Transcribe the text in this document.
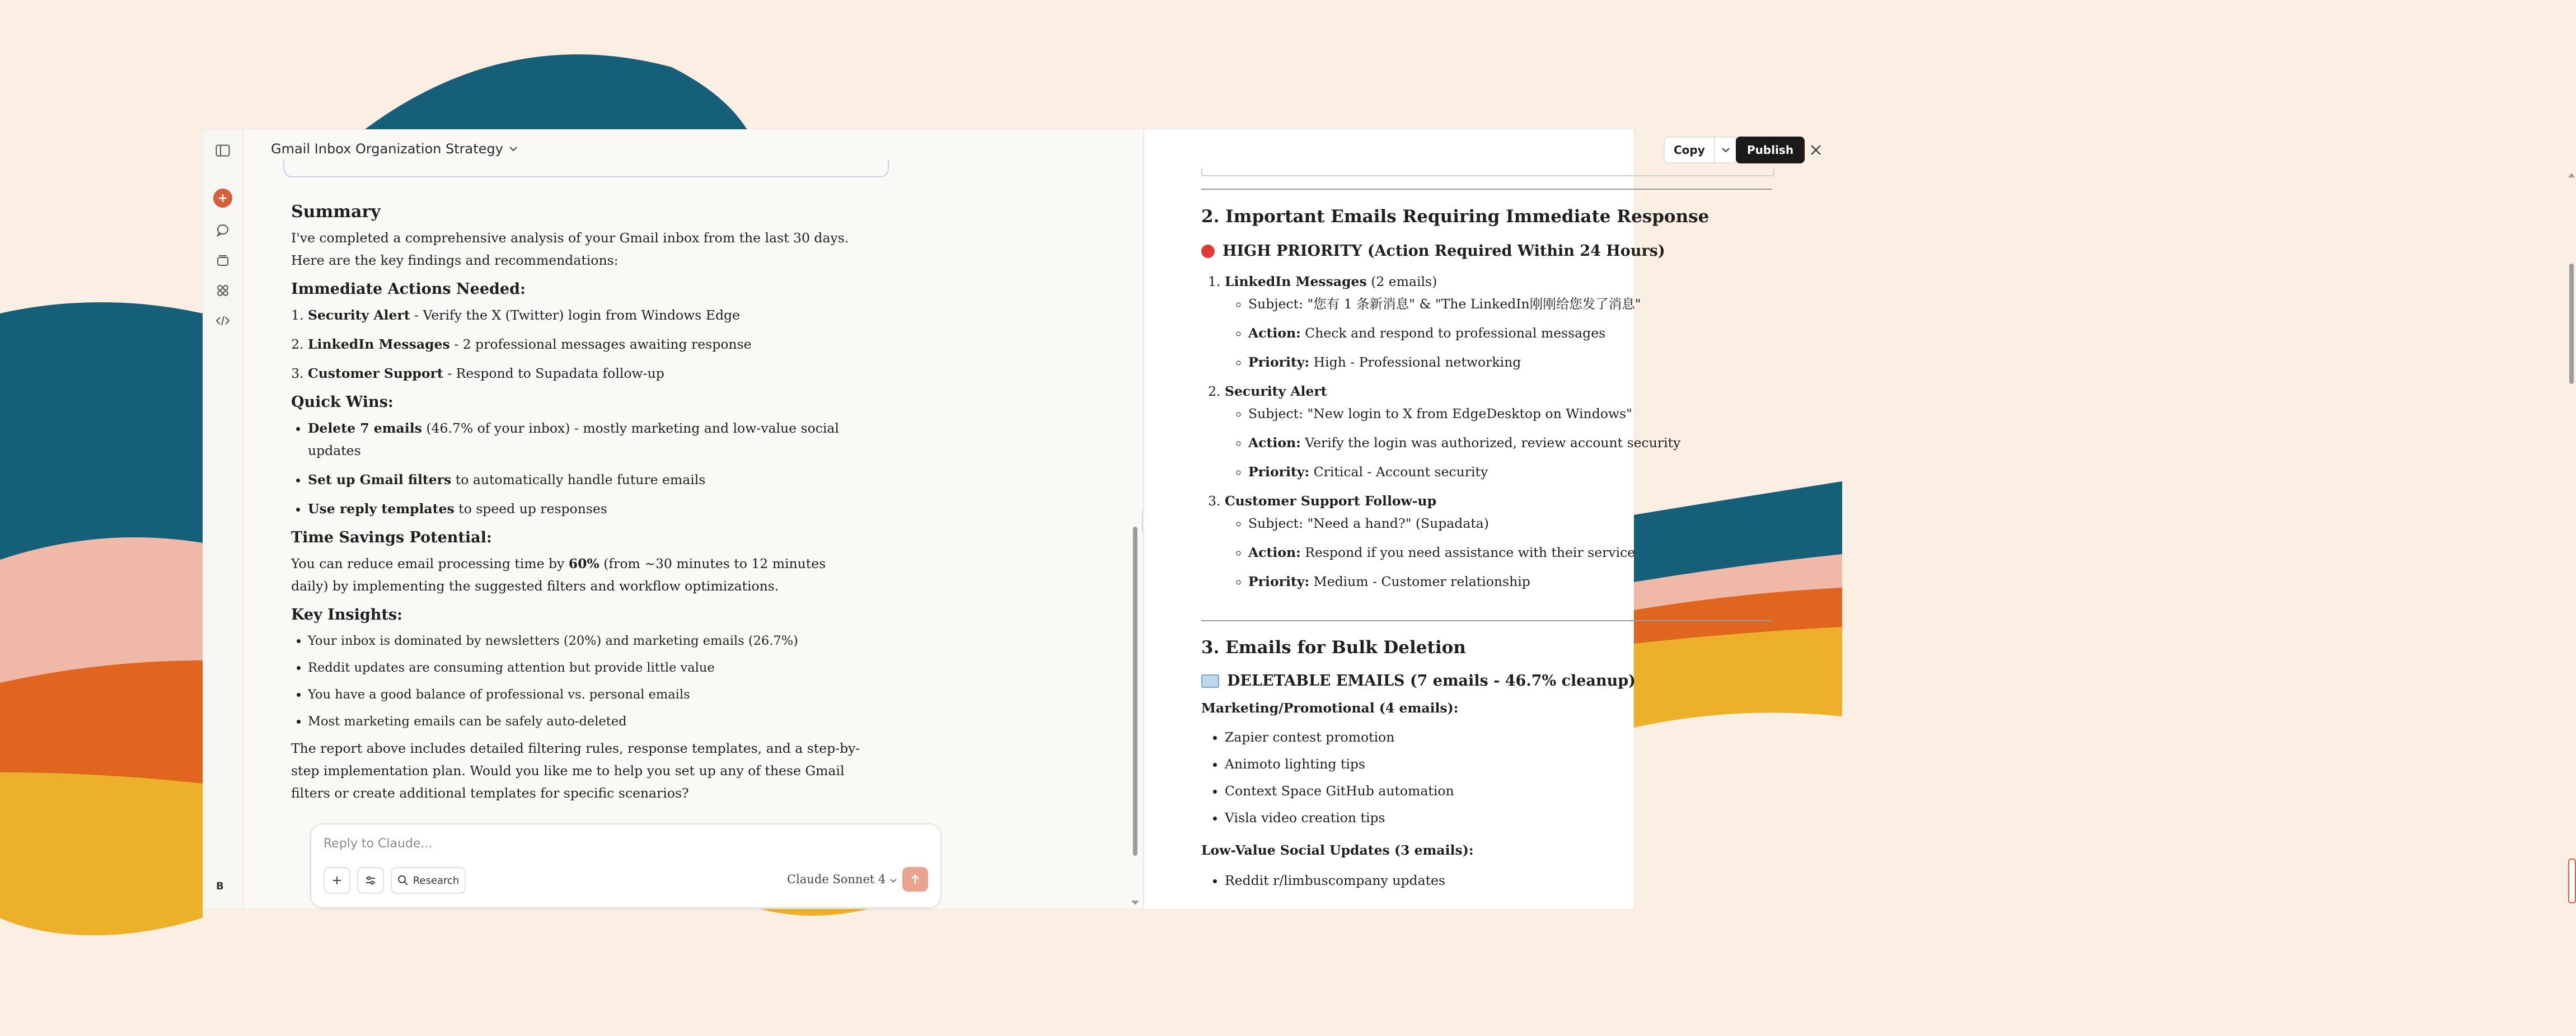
B
Gmail Inbox Organization Strategy
Summary

I've completed a comprehensive analysis of your Gmail inbox from the last 30 days. Here are the key findings and recommendations:

Immediate Actions Needed:
1. Security Alert - Verify the X (Twitter) login from Windows Edge
2. LinkedIn Messages - 2 professional messages awaiting response
3. Customer Support - Respond to Supadata follow-up
Quick Wins:
• Delete 7 emails (46.7% of your inbox) - mostly marketing and low-value social updates
• Set up Gmail filters to automatically handle future emails
• Use reply templates to speed up responses
Time Savings Potential:

You can reduce email processing time by 60% (from ~30 minutes to 12 minutes daily) by implementing the suggested filters and workflow optimizations.

Key Insights:
• Your inbox is dominated by newsletters (20%) and marketing emails (26.7%)
• Reddit updates are consuming attention but provide little value
• You have a good balance of professional vs. personal emails
• Most marketing emails can be safely auto-deleted

The report above includes detailed filtering rules, response templates, and a step-by-step implementation plan. Would you like me to help you set up any of these Gmail filters or create additional templates for specific scenarios?

Reply to Claude...
Research	Claude Sonnet 4
Copy	Publish
2. Important Emails Requiring Immediate Response
HIGH PRIORITY (Action Required Within 24 Hours)
1. LinkedIn Messages (2 emails)
◦ Subject: "您有 1 条新消息" & "The LinkedIn刚刚给您发了消息"
◦ Action: Check and respond to professional messages
◦ Priority: High - Professional networking
2. Security Alert
◦ Subject: "New login to X from EdgeDesktop on Windows"
◦ Action: Verify the login was authorized, review account security
◦ Priority: Critical - Account security
3. Customer Support Follow-up
◦ Subject: "Need a hand?" (Supadata)
◦ Action: Respond if you need assistance with their service
◦ Priority: Medium - Customer relationship
3. Emails for Bulk Deletion
DELETABLE EMAILS (7 emails - 46.7% cleanup)
Marketing/Promotional (4 emails):
• Zapier contest promotion
• Animoto lighting tips
• Context Space GitHub automation
• Visla video creation tips
Low-Value Social Updates (3 emails):
• Reddit r/limbuscompany updates
